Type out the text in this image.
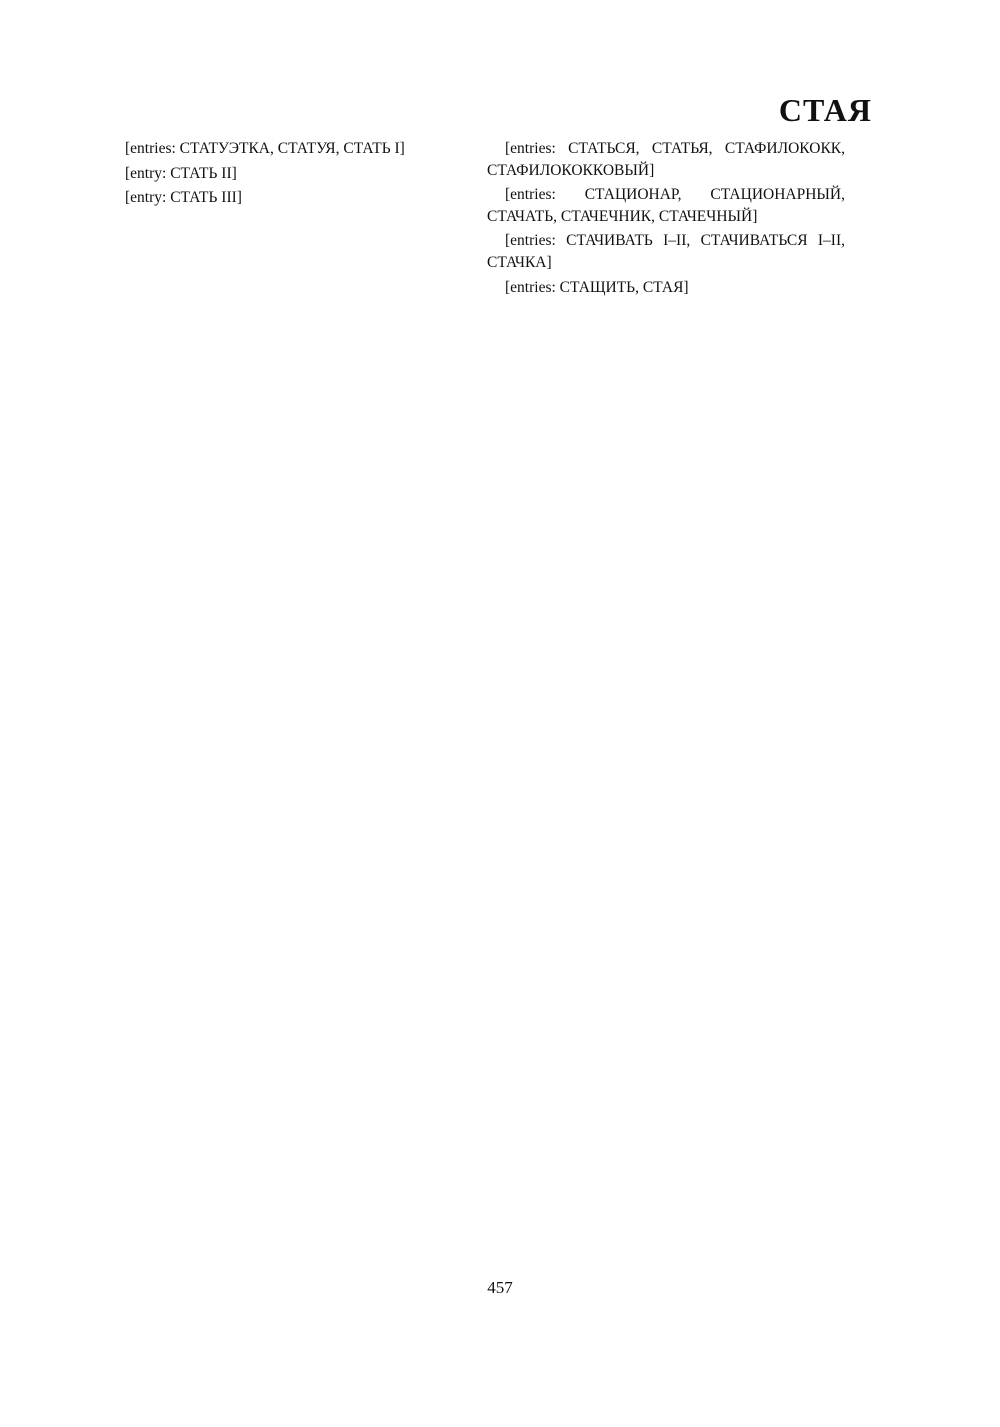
СТАЯ

[entries: СТАТУЭТКА, СТАТУЯ, СТАТЬ I]

[entry: СТАТЬ II]

[entry: СТАТЬ III]

[entries: СТАТЬСЯ, СТАТЬЯ, СТАФИЛОКОКК, СТАФИЛОКОККОВЫЙ]

[entries: СТАЦИОНАР, СТАЦИОНАРНЫЙ, СТАЧАТЬ, СТАЧЕЧНИК, СТАЧЕЧНЫЙ]

[entries: СТАЧИВАТЬ I–II, СТАЧИВАТЬСЯ I–II, СТАЧКА]

[entries: СТАЩИТЬ, СТАЯ]

457
